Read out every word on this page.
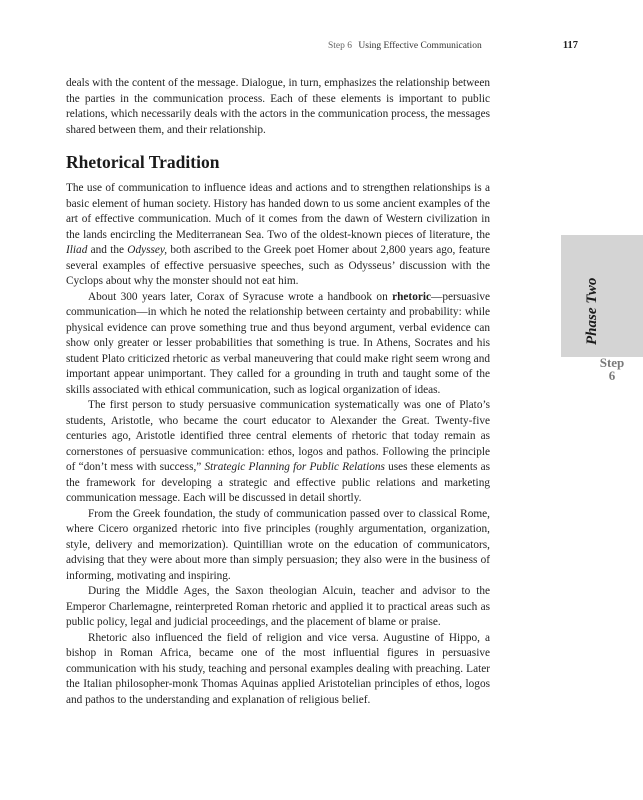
Step 6 Using Effective Communication	117

deals with the content of the message. Dialogue, in turn, emphasizes the relationship between the parties in the communication process. Each of these elements is important to public relations, which necessarily deals with the actors in the communication process, the messages shared between them, and their relationship.

Rhetorical Tradition

The use of communication to influence ideas and actions and to strengthen relationships is a basic element of human society. History has handed down to us some ancient examples of the art of effective communication. Much of it comes from the dawn of Western civilization in the lands encircling the Mediterranean Sea. Two of the oldest-known pieces of literature, the Iliad and the Odyssey, both ascribed to the Greek poet Homer about 2,800 years ago, feature several examples of effective persuasive speeches, such as Odysseus’ discussion with the Cyclops about why the monster should not eat him.

About 300 years later, Corax of Syracuse wrote a handbook on rhetoric—persuasive communication—in which he noted the relationship between certainty and probability: while physical evidence can prove something true and thus beyond argument, verbal evidence can show only greater or lesser probabilities that something is true. In Athens, Socrates and his student Plato criticized rhetoric as verbal maneuvering that could make right seem wrong and important appear unimportant. They called for a grounding in truth and taught some of the skills associated with ethical communication, such as logical organization of ideas.

The first person to study persuasive communication systematically was one of Plato’s students, Aristotle, who became the court educator to Alexander the Great. Twenty-five centuries ago, Aristotle identified three central elements of rhetoric that today remain as cornerstones of persuasive communication: ethos, logos and pathos. Following the principle of “don’t mess with success,” Strategic Planning for Public Relations uses these elements as the framework for developing a strategic and effective public relations and marketing communication message. Each will be discussed in detail shortly.

From the Greek foundation, the study of communication passed over to classical Rome, where Cicero organized rhetoric into five principles (roughly argumentation, organization, style, delivery and memorization). Quintillian wrote on the education of communicators, advising that they were about more than simply persuasion; they also were in the business of informing, motivating and inspiring.

During the Middle Ages, the Saxon theologian Alcuin, teacher and advisor to the Emperor Charlemagne, reinterpreted Roman rhetoric and applied it to practical areas such as public policy, legal and judicial proceedings, and the placement of blame or praise.

Rhetoric also influenced the field of religion and vice versa. Augustine of Hippo, a bishop in Roman Africa, became one of the most influential figures in persuasive communication with his study, teaching and personal examples dealing with preaching. Later the Italian philosopher-monk Thomas Aquinas applied Aristotelian principles of ethos, logos and pathos to the understanding and explanation of religious belief.

Phase Two
Step
6
